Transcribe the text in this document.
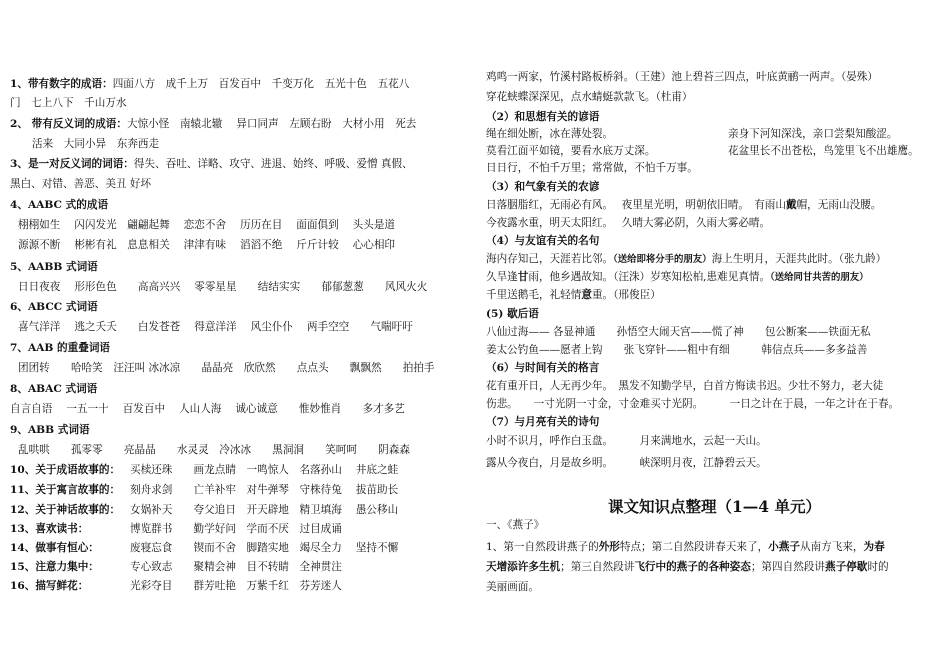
1、带有数字的成语：四面八方　成千上万　百发百中　千变万化　五光十色　五花八
门　七上八下　千山万水
2、 带有反义词的成语：大惊小怪　南辕北辙　 异口同声　左顾右盼　大材小用　死去
活来　大同小异　东奔西走
3、是一对反义词的词语：得失、吞吐、详略、攻守、进退、始终、呼吸、爱憎 真假、
黑白、对错、善恶、美丑 好坏
4、AABC 式的成语
栩栩如生　 闪闪发光　翩翩起舞　 恋恋不舍　 历历在目　 面面俱到　 头头是道
源源不断　 彬彬有礼　息息相关　 津津有味　 滔滔不绝　 斤斤计较　 心心相印
5、AABB 式词语
日日夜夜　 形形色色　　高高兴兴　 零零星星　　结结实实　　郁郁葱葱　　风风火火
6、ABCC 式词语
喜气洋洋　 逃之夭夭　　白发苍苍　 得意洋洋　 风尘仆仆　 两手空空　　气喘吁吁
7、AAB 的重叠词语
团团转　　哈哈笑　汪汪叫 冰冰凉　　晶晶亮　欣欣然　　点点头　　飘飘然　　拍拍手
8、ABAC 式词语
自言自语　 一五一十　 百发百中　 人山人海　 诚心诚意　　惟妙惟肖　　多才多艺
9、ABB 式词语
乱哄哄　　孤零零　　亮晶晶　　水灵灵　冷冰冰　　黑洞洞　　笑呵呵　　阴森森
10、关于成语故事的： 买椟还珠　　画龙点睛　一鸣惊人　名落孙山　 井底之蛙
11、关于寓言故事的： 刻舟求剑　　亡羊补牢　对牛弹琴　守株待兔　 拔苗助长
12、关于神话故事的： 女娲补天　　夸父追日　开天辟地　精卫填海　 愚公移山
13、喜欢读书：	博览群书　　勤学好问　学而不厌　过目成诵
14、做事有恒心：	废寝忘食　　锲而不舍　脚踏实地　竭尽全力　 坚持不懈
15、注意力集中：	专心致志　　聚精会神　目不转睛　全神贯注
16、描写鲜花：	光彩夺目　　群芳吐艳　万紫千红　芬芳迷人
鸡鸣一两家，竹溪村路板桥斜。（王建）池上碧苔三四点，叶底黄鹂一两声。（晏殊）
穿花蛱蝶深深见，点水蜻蜓款款飞。（杜甫）
（2）和思想有关的谚语
绳在细处断，冰在薄处裂。	亲身下河知深浅，亲口尝梨知酸涩。
莫看江面平如镜，要看水底万丈深。	花盆里长不出苍松，鸟笼里飞不出雄鹰。
日日行，不怕千万里；常常做，不怕千万事。
（3）和气象有关的农谚
日落胭脂红，无雨必有风。　 夜里星光明，明朝依旧晴。　有雨山戴帽，无雨山没腰。
今夜露水重，明天太阳红。　 久晴大雾必阴，久雨大雾必晴。
（4）与友谊有关的名句
海内存知己，天涯若比邻。（送给即将分手的朋友）海上生明月，天涯共此时。（张九龄）
久旱逢甘雨，他乡遇故知。（汪洙）岁寒知松柏,患难见真情。（送给同甘共苦的朋友）
千里送鹅毛，礼轻情意重。（邢俊臣）
(5) 歇后语
八仙过海—— 各显神通　　孙悟空大闹天宫——慌了神　　包公断案——铁面无私
姜太公钓鱼——愿者上钩　　张飞穿针——粗中有细　　　韩信点兵——多多益善
（6）与时间有关的格言
花有重开日，人无再少年。　黑发不知勤学早，白首方悔读书迟。少壮不努力，老大徒
伤悲。　　一寸光阴一寸金，寸金难买寸光阴。　　　一日之计在于晨，一年之计在于春。
（7）与月亮有关的诗句
小时不识月，呼作白玉盘。　　　月来满地水，云起一天山。
露从今夜白，月是故乡明。　　　峡深明月夜，江静碧云天。
课文知识点整理（1—4 单元）
一、《燕子》
1、第一自然段讲燕子的外形特点；第二自然段讲春天来了，小燕子从南方飞来，为春
天增添许多生机；第三自然段讲飞行中的燕子的各种姿态；第四自然段讲燕子停歇时的
美丽画面。
